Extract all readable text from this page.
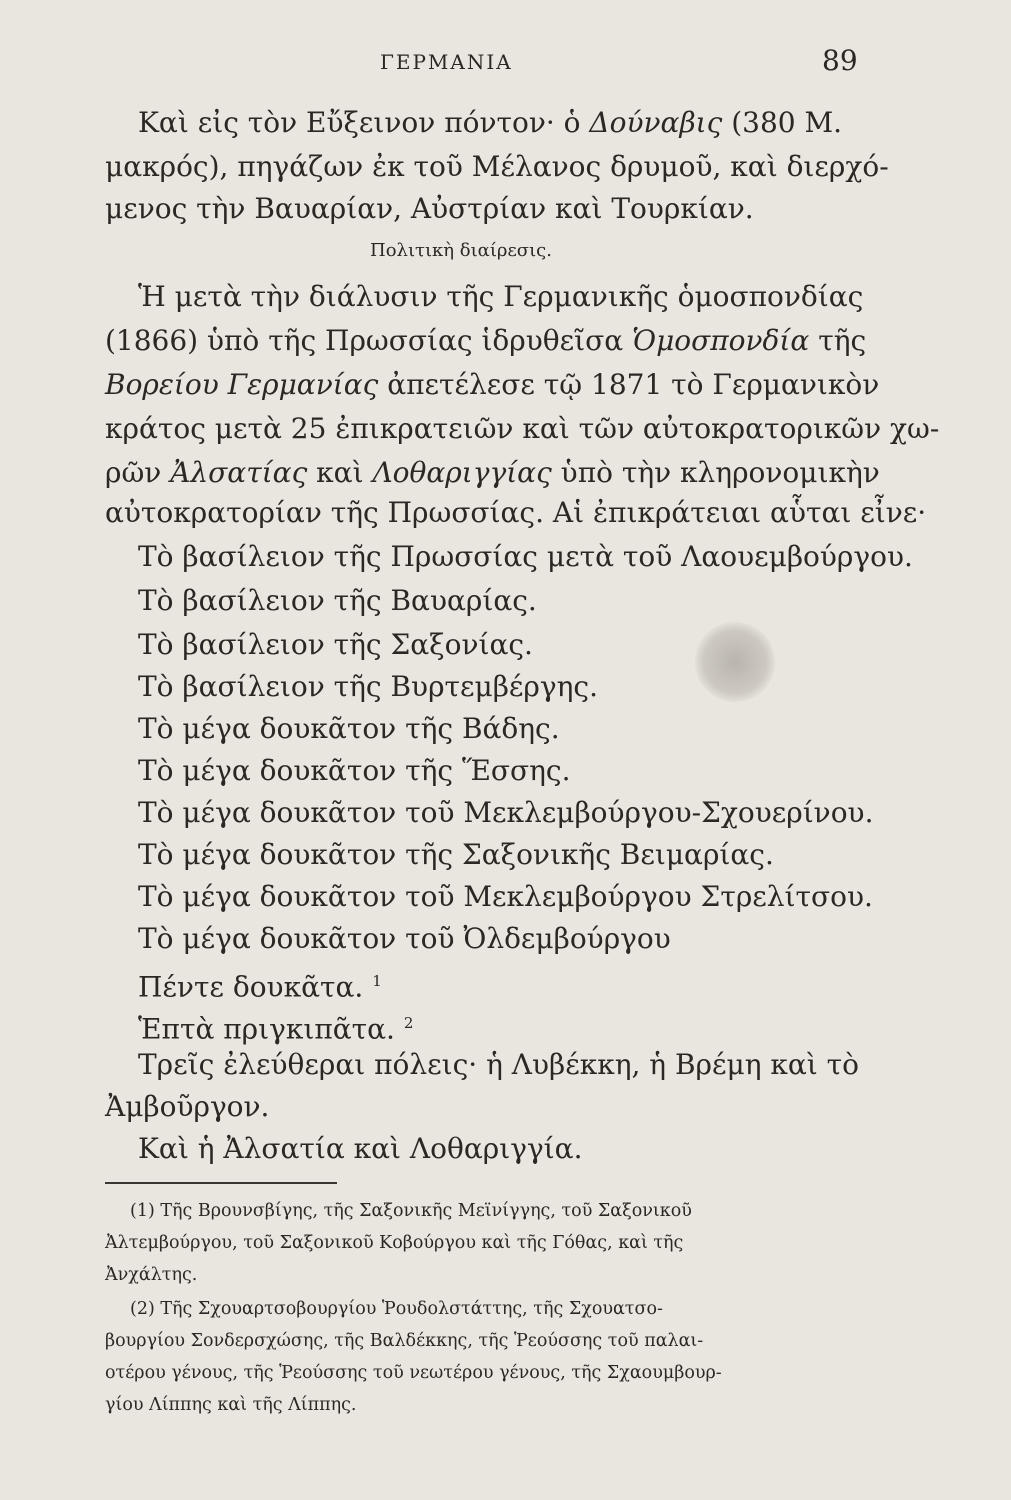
ΓΕΡΜΑΝΙΑ	89
Καὶ εἰς τὸν Εὔξεινον πόντον· ὁ Δούναβις (380 Μ.
μακρός), πηγάζων ἐκ τοῦ Μέλανος δρυμοῦ, καὶ διερχό-
μενος τὴν Βαυαρίαν, Αὐστρίαν καὶ Τουρκίαν.
Πολιτικὴ διαίρεσις.
Ἡ μετὰ τὴν διάλυσιν τῆς Γερμανικῆς ὁμοσπονδίας
(1866) ὑπὸ τῆς Πρωσσίας ἱδρυθεῖσα Ὁμοσπονδία τῆς
Βορείου Γερμανίας ἀπετέλεσε τῷ 1871 τὸ Γερμανικὸν
κράτος μετὰ 25 ἐπικρατειῶν καὶ τῶν αὐτοκρατορικῶν χω-
ρῶν Ἀλσατίας καὶ Λοθαριγγίας ὑπὸ τὴν κληρονομικὴν
αὐτοκρατορίαν τῆς Πρωσσίας. Αἱ ἐπικράτειαι αὗται εἶνε·
Τὸ βασίλειον τῆς Πρωσσίας μετὰ τοῦ Λαουεμβούργου.
Τὸ βασίλειον τῆς Βαυαρίας.
Τὸ βασίλειον τῆς Σαξονίας.
Τὸ βασίλειον τῆς Βυρτεμβέργης.
Τὸ μέγα δουκᾶτον τῆς Βάδης.
Τὸ μέγα δουκᾶτον τῆς Ἕσσης.
Τὸ μέγα δουκᾶτον τοῦ Μεκλεμβούργου-Σχουερίνου.
Τὸ μέγα δουκᾶτον τῆς Σαξονικῆς Βειμαρίας.
Τὸ μέγα δουκᾶτον τοῦ Μεκλεμβούργου Στρελίτσου.
Τὸ μέγα δουκᾶτον τοῦ Ὀλδεμβούργου
Πέντε δουκᾶτα. $^1$
Ἑπτὰ πριγκιπᾶτα. $^2$
Τρεῖς ἐλεύθεραι πόλεις· ἡ Λυβέκκη, ἡ Βρέμη καὶ τὸ
Ἀμβοῦργον.
Καὶ ἡ Ἀλσατία καὶ Λοθαριγγία.
(1) Τῆς Βρουνσβίγης, τῆς Σαξονικῆς Μεϊνίγγης, τοῦ Σαξονικοῦ
Ἀλτεμβούργου, τοῦ Σαξονικοῦ Κοβούργου καὶ τῆς Γόθας, καὶ τῆς
Ἀνχάλτης.
(2) Τῆς Σχουαρτσοβουργίου Ῥουδολστάττης, τῆς Σχουατσο-
βουργίου Σονδερσχώσης, τῆς Βαλδέκκης, τῆς Ῥεούσσης τοῦ παλαι-
οτέρου γένους, τῆς Ῥεούσσης τοῦ νεωτέρου γένους, τῆς Σχαουμβουρ-
γίου Λίππης καὶ τῆς Λίππης.
